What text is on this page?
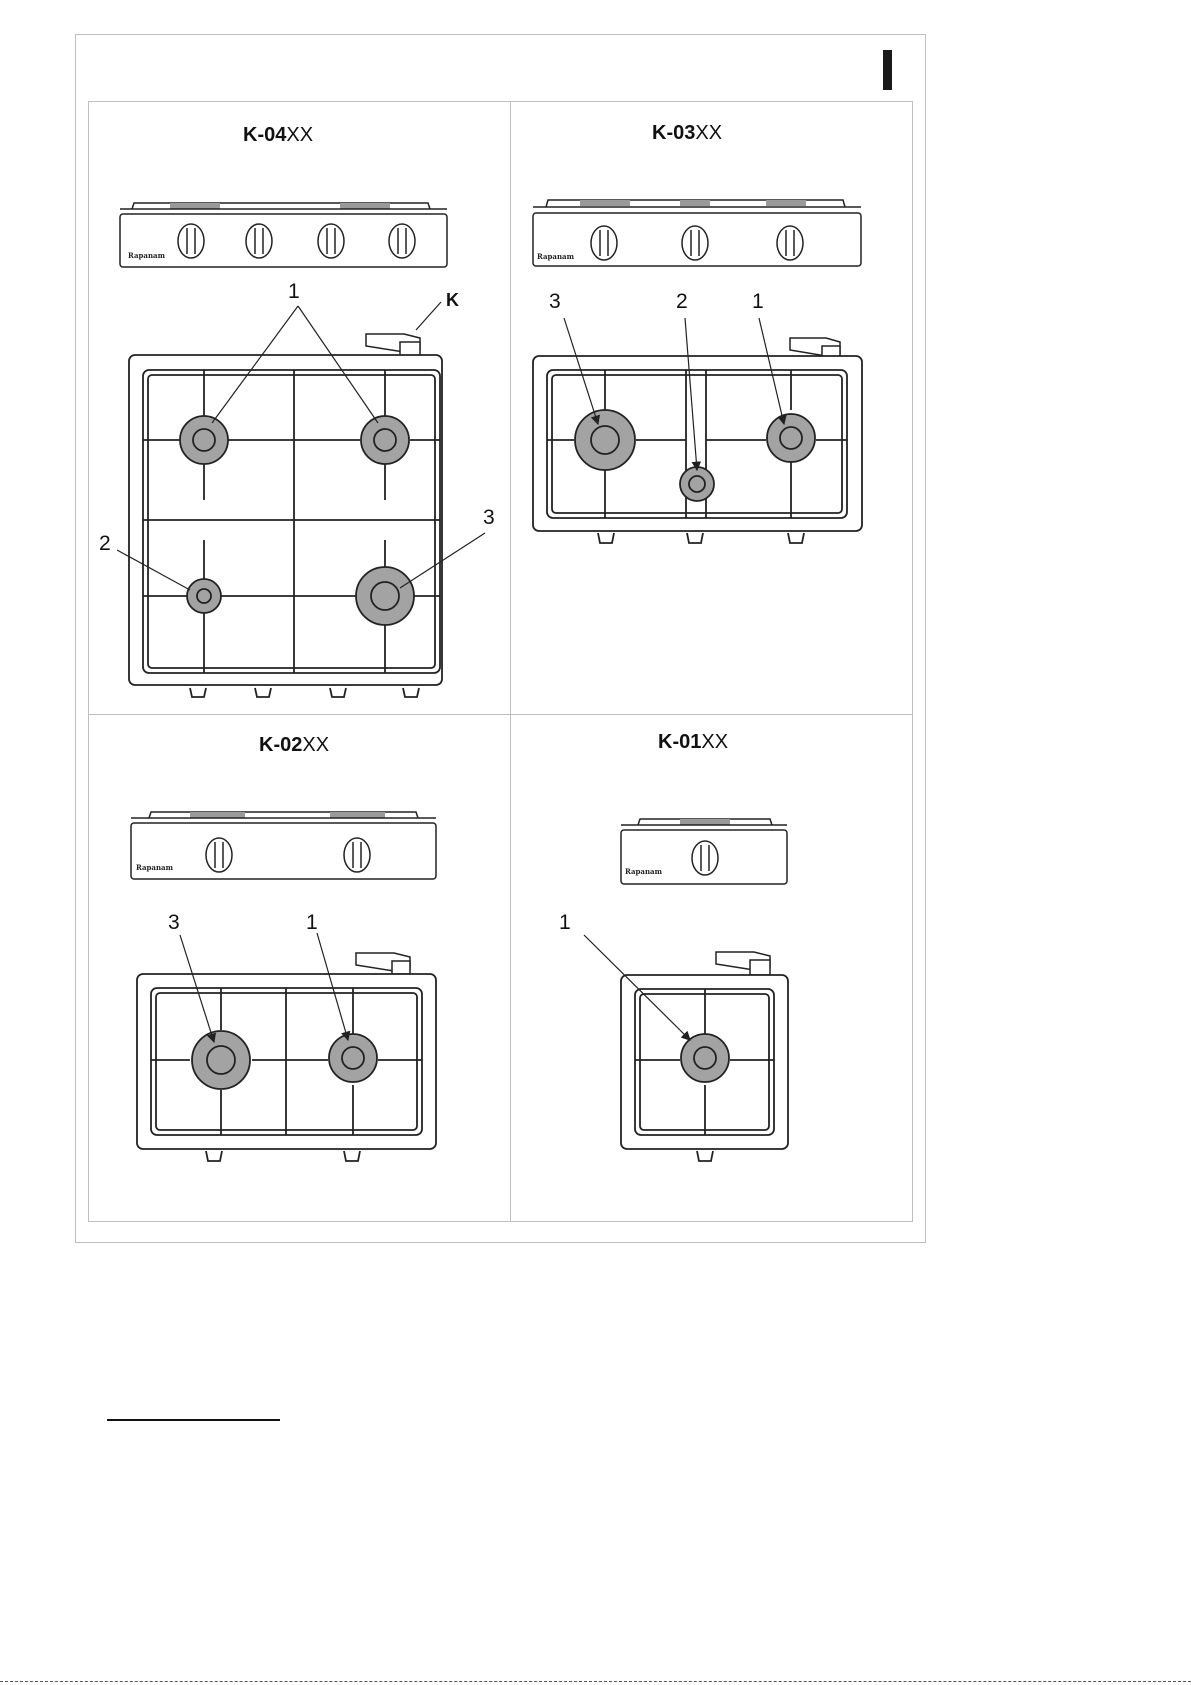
K-04XX	K-03XX
K-02XX	K-01XX
Rapanam
1
2
3
K
Rapanam
3	2	1
Rapanam
3	1
Rapanam
1
